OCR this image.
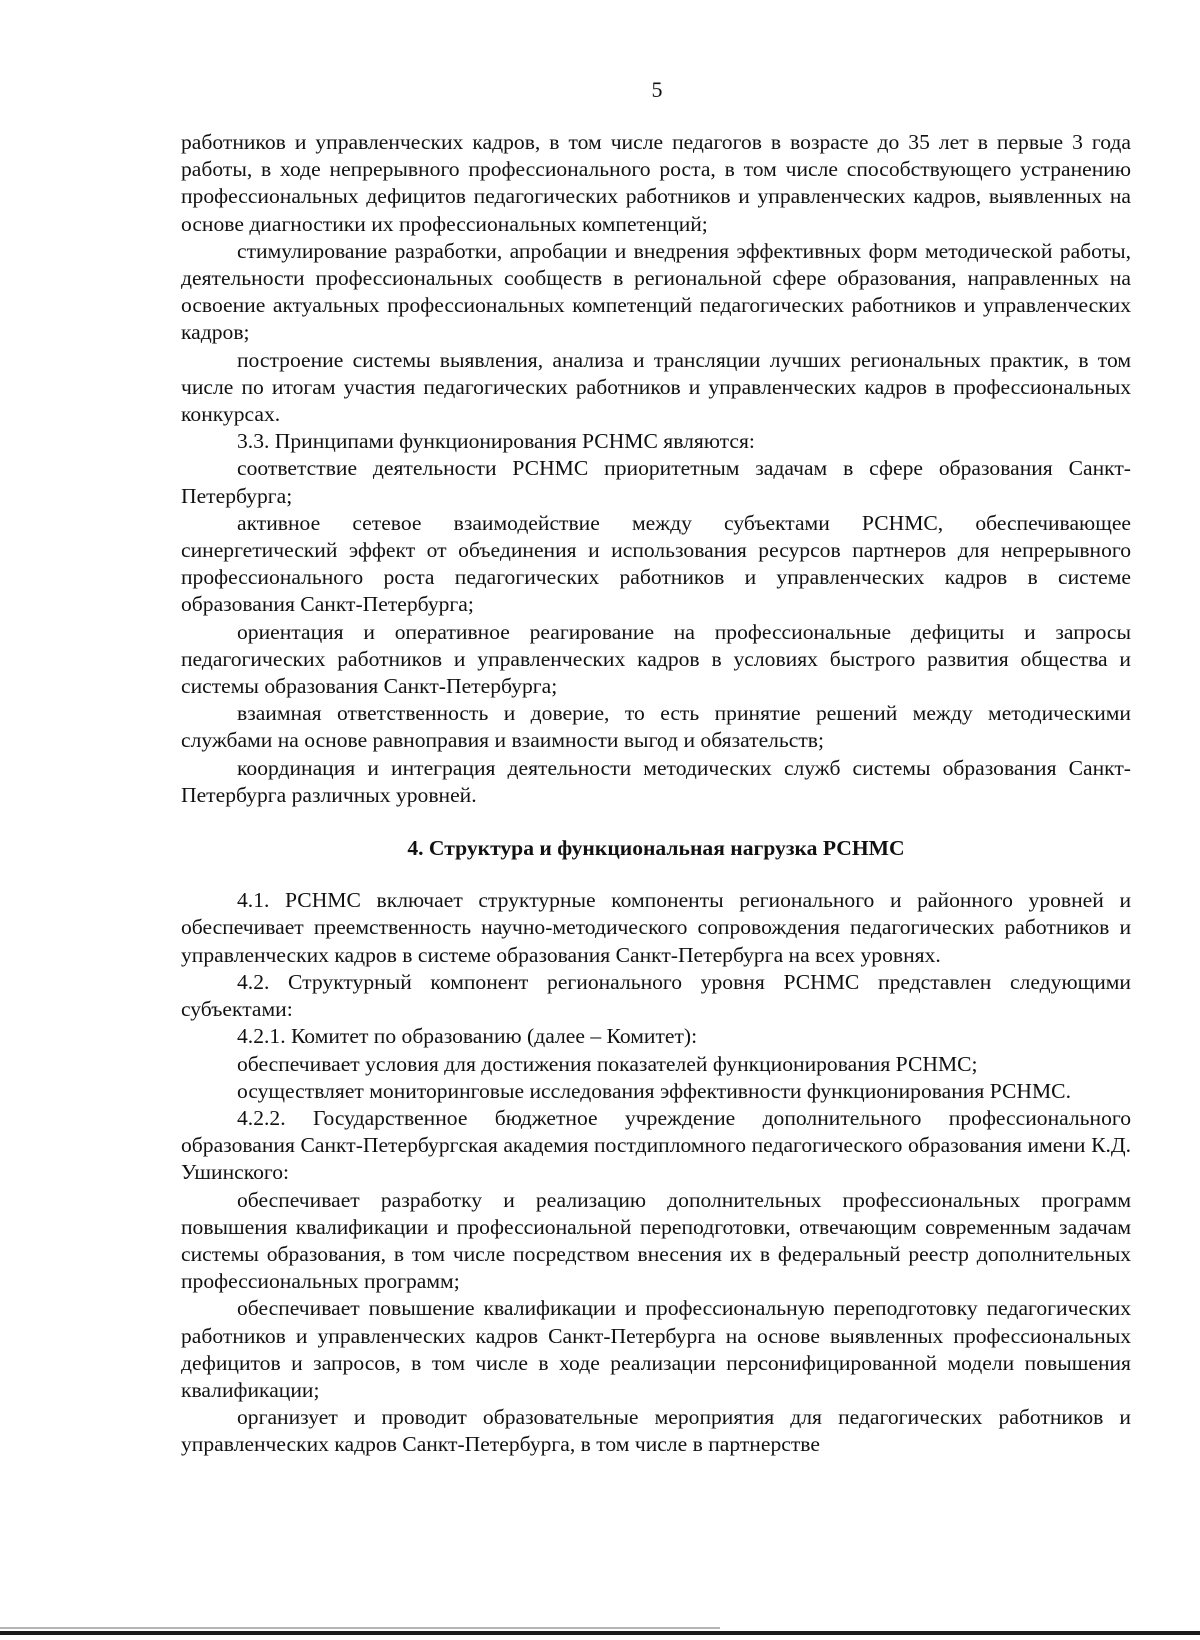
5

работников и управленческих кадров, в том числе педагогов в возрасте до 35 лет в первые 3 года работы, в ходе непрерывного профессионального роста, в том числе способствующего устранению профессиональных дефицитов педагогических работников и управленческих кадров, выявленных на основе диагностики их профессиональных компетенций;

стимулирование разработки, апробации и внедрения эффективных форм методической работы, деятельности профессиональных сообществ в региональной сфере образования, направленных на освоение актуальных профессиональных компетенций педагогических работников и управленческих кадров;

построение системы выявления, анализа и трансляции лучших региональных практик, в том числе по итогам участия педагогических работников и управленческих кадров в профессиональных конкурсах.

3.3. Принципами функционирования РСНМС являются:

соответствие деятельности РСНМС приоритетным задачам в сфере образования Санкт-Петербурга;

активное сетевое взаимодействие между субъектами РСНМС, обеспечивающее синергетический эффект от объединения и использования ресурсов партнеров для непрерывного профессионального роста педагогических работников и управленческих кадров в системе образования Санкт-Петербурга;

ориентация и оперативное реагирование на профессиональные дефициты и запросы педагогических работников и управленческих кадров в условиях быстрого развития общества и системы образования Санкт-Петербурга;

взаимная ответственность и доверие, то есть принятие решений между методическими службами на основе равноправия и взаимности выгод и обязательств;

координация и интеграция деятельности методических служб системы образования Санкт-Петербурга различных уровней.

4. Структура и функциональная нагрузка РСНМС

4.1. РСНМС включает структурные компоненты регионального и районного уровней и обеспечивает преемственность научно-методического сопровождения педагогических работников и управленческих кадров в системе образования Санкт-Петербурга на всех уровнях.

4.2. Структурный компонент регионального уровня РСНМС представлен следующими субъектами:

4.2.1. Комитет по образованию (далее – Комитет):

обеспечивает условия для достижения показателей функционирования РСНМС;

осуществляет мониторинговые исследования эффективности функционирования РСНМС.

4.2.2. Государственное бюджетное учреждение дополнительного профессионального образования Санкт-Петербургская академия постдипломного педагогического образования имени К.Д. Ушинского:

обеспечивает разработку и реализацию дополнительных профессиональных программ повышения квалификации и профессиональной переподготовки, отвечающим современным задачам системы образования, в том числе посредством внесения их в федеральный реестр дополнительных профессиональных программ;

обеспечивает повышение квалификации и профессиональную переподготовку педагогических работников и управленческих кадров Санкт-Петербурга на основе выявленных профессиональных дефицитов и запросов, в том числе в ходе реализации персонифицированной модели повышения квалификации;

организует и проводит образовательные мероприятия для педагогических работников и управленческих кадров Санкт-Петербурга, в том числе в партнерстве
